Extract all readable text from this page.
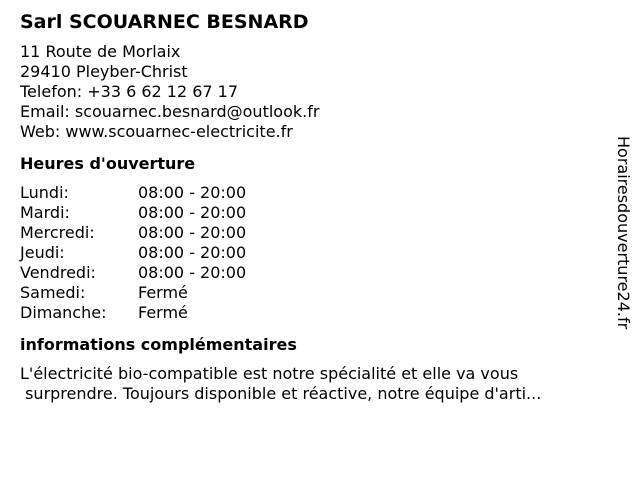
Sarl SCOUARNEC BESNARD
11 Route de Morlaix
29410 Pleyber-Christ
Telefon: +33 6 62 12 67 17
Email: scouarnec.besnard@outlook.fr
Web: www.scouarnec-electricite.fr
Heures d'ouverture
Lundi:	08:00 - 20:00
Mardi:	08:00 - 20:00
Mercredi:	08:00 - 20:00
Jeudi:	08:00 - 20:00
Vendredi:	08:00 - 20:00
Samedi:	Fermé
Dimanche:	Fermé
informations complémentaires
L'électricité bio-compatible est notre spécialité et elle va vous
surprendre. Toujours disponible et réactive, notre équipe d'arti...
Horairesdouverture24.fr
